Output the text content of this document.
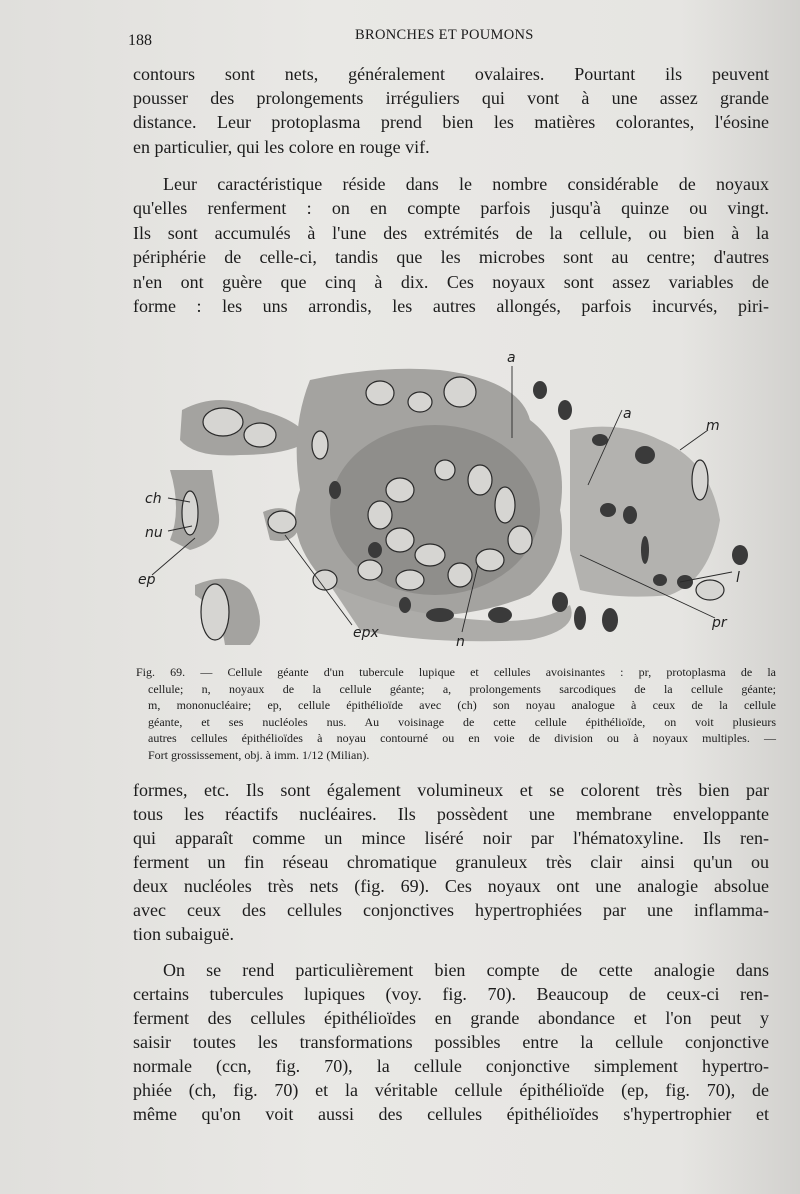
188	BRONCHES ET POUMONS
contours sont nets, généralement ovalaires. Pourtant ils peuvent
pousser des prolongements irréguliers qui vont à une assez grande
distance. Leur protoplasma prend bien les matières colorantes, l'éosine
en particulier, qui les colore en rouge vif.
Leur caractéristique réside dans le nombre considérable de noyaux
qu'elles renferment : on en compte parfois jusqu'à quinze ou vingt.
Ils sont accumulés à l'une des extrémités de la cellule, ou bien à la
périphérie de celle-ci, tandis que les microbes sont au centre; d'autres
n'en ont guère que cinq à dix. Ces noyaux sont assez variables de
forme : les uns arrondis, les autres allongés, parfois incurvés, piri-
a
a
m
ch
nu
ep
epx
n
l
pr
Fig. 69. — Cellule géante d'un tubercule lupique et cellules avoisinantes : pr, protoplasma de la
cellule; n, noyaux de la cellule géante; a, prolongements sarcodiques de la cellule géante;
m, mononucléaire; ep, cellule épithélioïde avec (ch) son noyau analogue à ceux de la cellule
géante, et ses nucléoles nus. Au voisinage de cette cellule épithélioïde, on voit plusieurs
autres cellules épithélioïdes à noyau contourné ou en voie de division ou à noyaux multiples. —
Fort grossissement, obj. à imm. 1/12 (Milian).
formes, etc. Ils sont également volumineux et se colorent très bien par
tous les réactifs nucléaires. Ils possèdent une membrane enveloppante
qui apparaît comme un mince liséré noir par l'hématoxyline. Ils ren-
ferment un fin réseau chromatique granuleux très clair ainsi qu'un ou
deux nucléoles très nets (fig. 69). Ces noyaux ont une analogie absolue
avec ceux des cellules conjonctives hypertrophiées par une inflamma-
tion subaiguë.
On se rend particulièrement bien compte de cette analogie dans
certains tubercules lupiques (voy. fig. 70). Beaucoup de ceux-ci ren-
ferment des cellules épithélioïdes en grande abondance et l'on peut y
saisir toutes les transformations possibles entre la cellule conjonctive
normale (ccn, fig. 70), la cellule conjonctive simplement hypertro-
phiée (ch, fig. 70) et la véritable cellule épithélioïde (ep, fig. 70), de
même qu'on voit aussi des cellules épithélioïdes s'hypertrophier et
